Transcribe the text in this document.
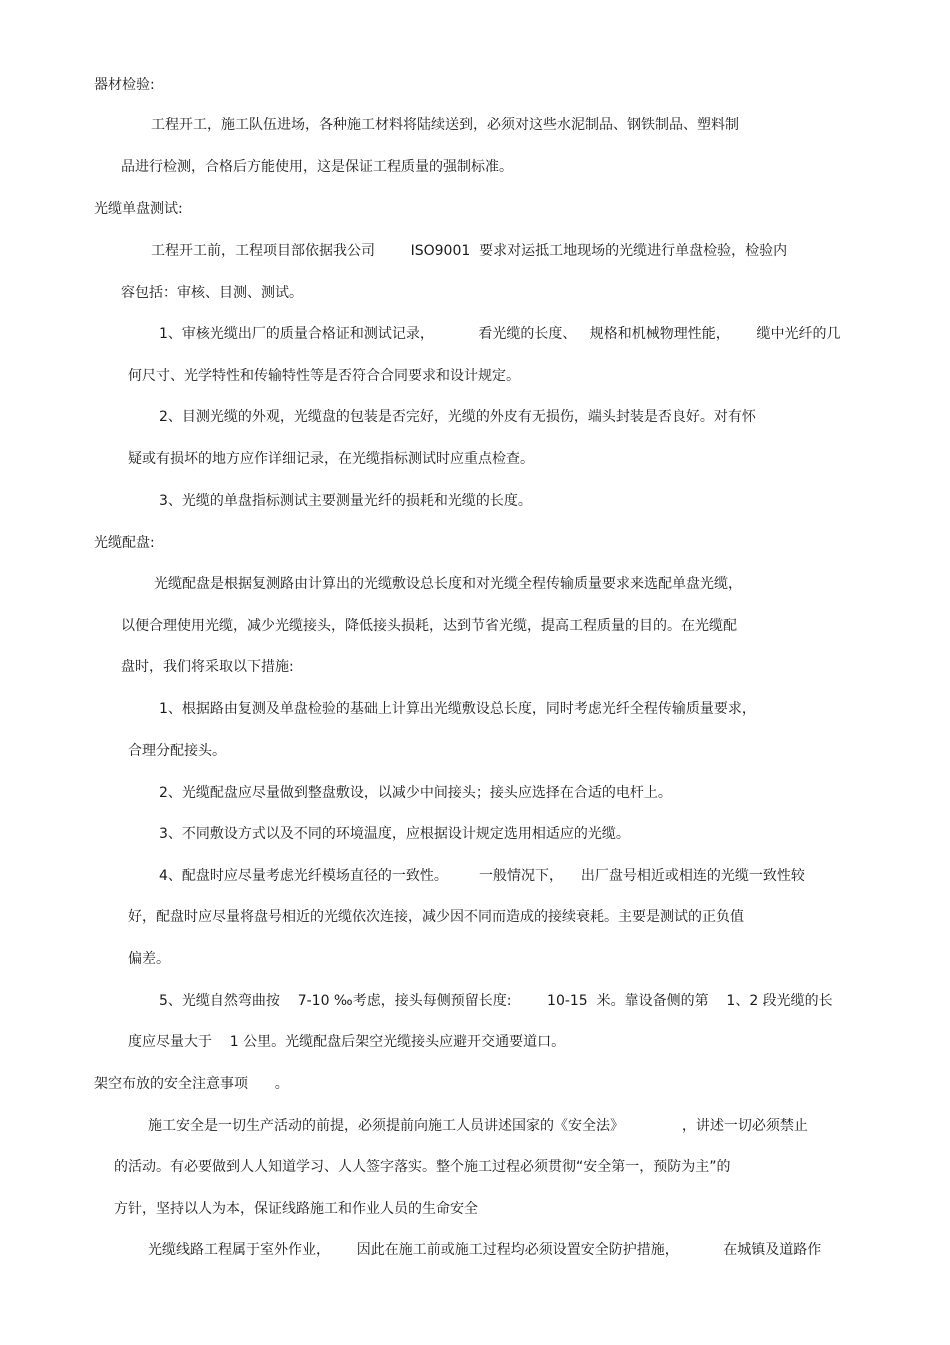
器材检验:
工程开工，施工队伍进场，各种施工材料将陆续送到，必须对这些水泥制品、钢铁制品、塑料制
品进行检测，合格后方能使用，这是保证工程质量的强制标准。
光缆单盘测试:
工程开工前，工程项目部依据我公司        ISO9001  要求对运抵工地现场的光缆进行单盘检验，检验内
容包括：审核、目测、测试。
1、审核光缆出厂的质量合格证和测试记录，          看光缆的长度、   规格和机械物理性能，      缆中光纤的几
何尺寸、光学特性和传输特性等是否符合合同要求和设计规定。
2、目测光缆的外观，光缆盘的包装是否完好，光缆的外皮有无损伤，端头封装是否良好。对有怀
疑或有损坏的地方应作详细记录，在光缆指标测试时应重点检查。
3、光缆的单盘指标测试主要测量光纤的损耗和光缆的长度。
光缆配盘:
光缆配盘是根据复测路由计算出的光缆敷设总长度和对光缆全程传输质量要求来选配单盘光缆，
以便合理使用光缆，减少光缆接头，降低接头损耗，达到节省光缆，提高工程质量的目的。在光缆配
盘时，我们将采取以下措施:
1、根据路由复测及单盘检验的基础上计算出光缆敷设总长度，同时考虑光纤全程传输质量要求，
合理分配接头。
2、光缆配盘应尽量做到整盘敷设，以减少中间接头；接头应选择在合适的电杆上。
3、不同敷设方式以及不同的环境温度，应根据设计规定选用相适应的光缆。
4、配盘时应尽量考虑光纤模场直径的一致性。       一般情况下，    出厂盘号相近或相连的光缆一致性较
好，配盘时应尽量将盘号相近的光缆依次连接，减少因不同而造成的接续衰耗。主要是测试的正负值
偏差。
5、光缆自然弯曲按    7-10 ‰考虑，接头每侧预留长度:        10-15  米。靠设备侧的第    1、2 段光缆的长
度应尽量大于    1 公里。光缆配盘后架空光缆接头应避开交通要道口。
架空布放的安全注意事项      。
施工安全是一切生产活动的前提，必须提前向施工人员讲述国家的《安全法》             ，讲述一切必须禁止
的活动。有必要做到人人知道学习、人人签字落实。整个施工过程必须贯彻“安全第一，预防为主”的
方针，坚持以人为本，保证线路施工和作业人员的生命安全
光缆线路工程属于室外作业，      因此在施工前或施工过程均必须设置安全防护措施，          在城镇及道路作
